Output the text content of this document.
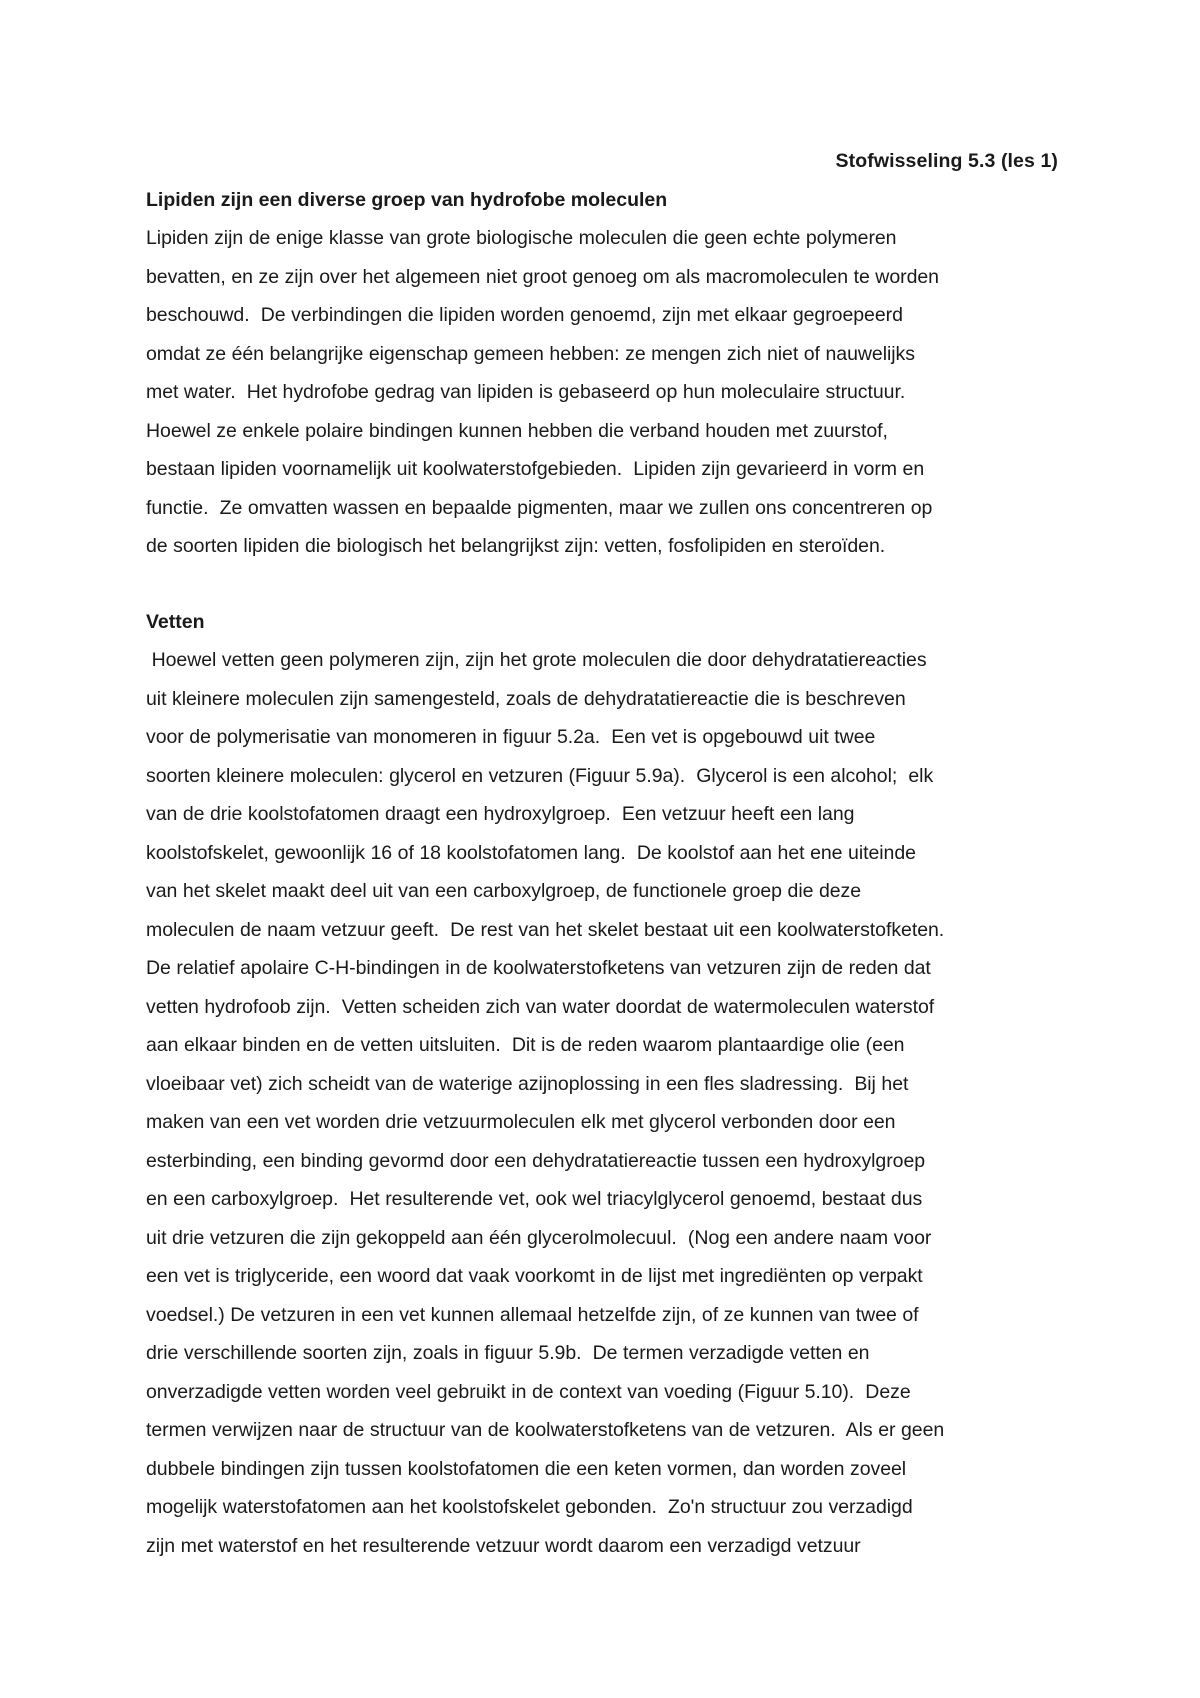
Stofwisseling 5.3 (les 1)
Lipiden zijn een diverse groep van hydrofobe moleculen

Lipiden zijn de enige klasse van grote biologische moleculen die geen echte polymeren
bevatten, en ze zijn over het algemeen niet groot genoeg om als macromoleculen te worden
beschouwd.  De verbindingen die lipiden worden genoemd, zijn met elkaar gegroepeerd
omdat ze één belangrijke eigenschap gemeen hebben: ze mengen zich niet of nauwelijks
met water.  Het hydrofobe gedrag van lipiden is gebaseerd op hun moleculaire structuur.
Hoewel ze enkele polaire bindingen kunnen hebben die verband houden met zuurstof,
bestaan lipiden voornamelijk uit koolwaterstofgebieden.  Lipiden zijn gevarieerd in vorm en
functie.  Ze omvatten wassen en bepaalde pigmenten, maar we zullen ons concentreren op
de soorten lipiden die biologisch het belangrijkst zijn: vetten, fosfolipiden en steroïden.

Vetten

Hoewel vetten geen polymeren zijn, zijn het grote moleculen die door dehydratatiereacties
uit kleinere moleculen zijn samengesteld, zoals de dehydratatiereactie die is beschreven
voor de polymerisatie van monomeren in figuur 5.2a.  Een vet is opgebouwd uit twee
soorten kleinere moleculen: glycerol en vetzuren (Figuur 5.9a).  Glycerol is een alcohol;  elk
van de drie koolstofatomen draagt een hydroxylgroep.  Een vetzuur heeft een lang
koolstofskelet, gewoonlijk 16 of 18 koolstofatomen lang.  De koolstof aan het ene uiteinde
van het skelet maakt deel uit van een carboxylgroep, de functionele groep die deze
moleculen de naam vetzuur geeft.  De rest van het skelet bestaat uit een koolwaterstofketen.
De relatief apolaire C-H-bindingen in de koolwaterstofketens van vetzuren zijn de reden dat
vetten hydrofoob zijn.  Vetten scheiden zich van water doordat de watermoleculen waterstof
aan elkaar binden en de vetten uitsluiten.  Dit is de reden waarom plantaardige olie (een
vloeibaar vet) zich scheidt van de waterige azijnoplossing in een fles sladressing.  Bij het
maken van een vet worden drie vetzuurmoleculen elk met glycerol verbonden door een
esterbinding, een binding gevormd door een dehydratatiereactie tussen een hydroxylgroep
en een carboxylgroep.  Het resulterende vet, ook wel triacylglycerol genoemd, bestaat dus
uit drie vetzuren die zijn gekoppeld aan één glycerolmolecuul.  (Nog een andere naam voor
een vet is triglyceride, een woord dat vaak voorkomt in de lijst met ingrediënten op verpakt
voedsel.) De vetzuren in een vet kunnen allemaal hetzelfde zijn, of ze kunnen van twee of
drie verschillende soorten zijn, zoals in figuur 5.9b.  De termen verzadigde vetten en
onverzadigde vetten worden veel gebruikt in de context van voeding (Figuur 5.10).  Deze
termen verwijzen naar de structuur van de koolwaterstofketens van de vetzuren.  Als er geen
dubbele bindingen zijn tussen koolstofatomen die een keten vormen, dan worden zoveel
mogelijk waterstofatomen aan het koolstofskelet gebonden.  Zo'n structuur zou verzadigd
zijn met waterstof en het resulterende vetzuur wordt daarom een verzadigd vetzuur
